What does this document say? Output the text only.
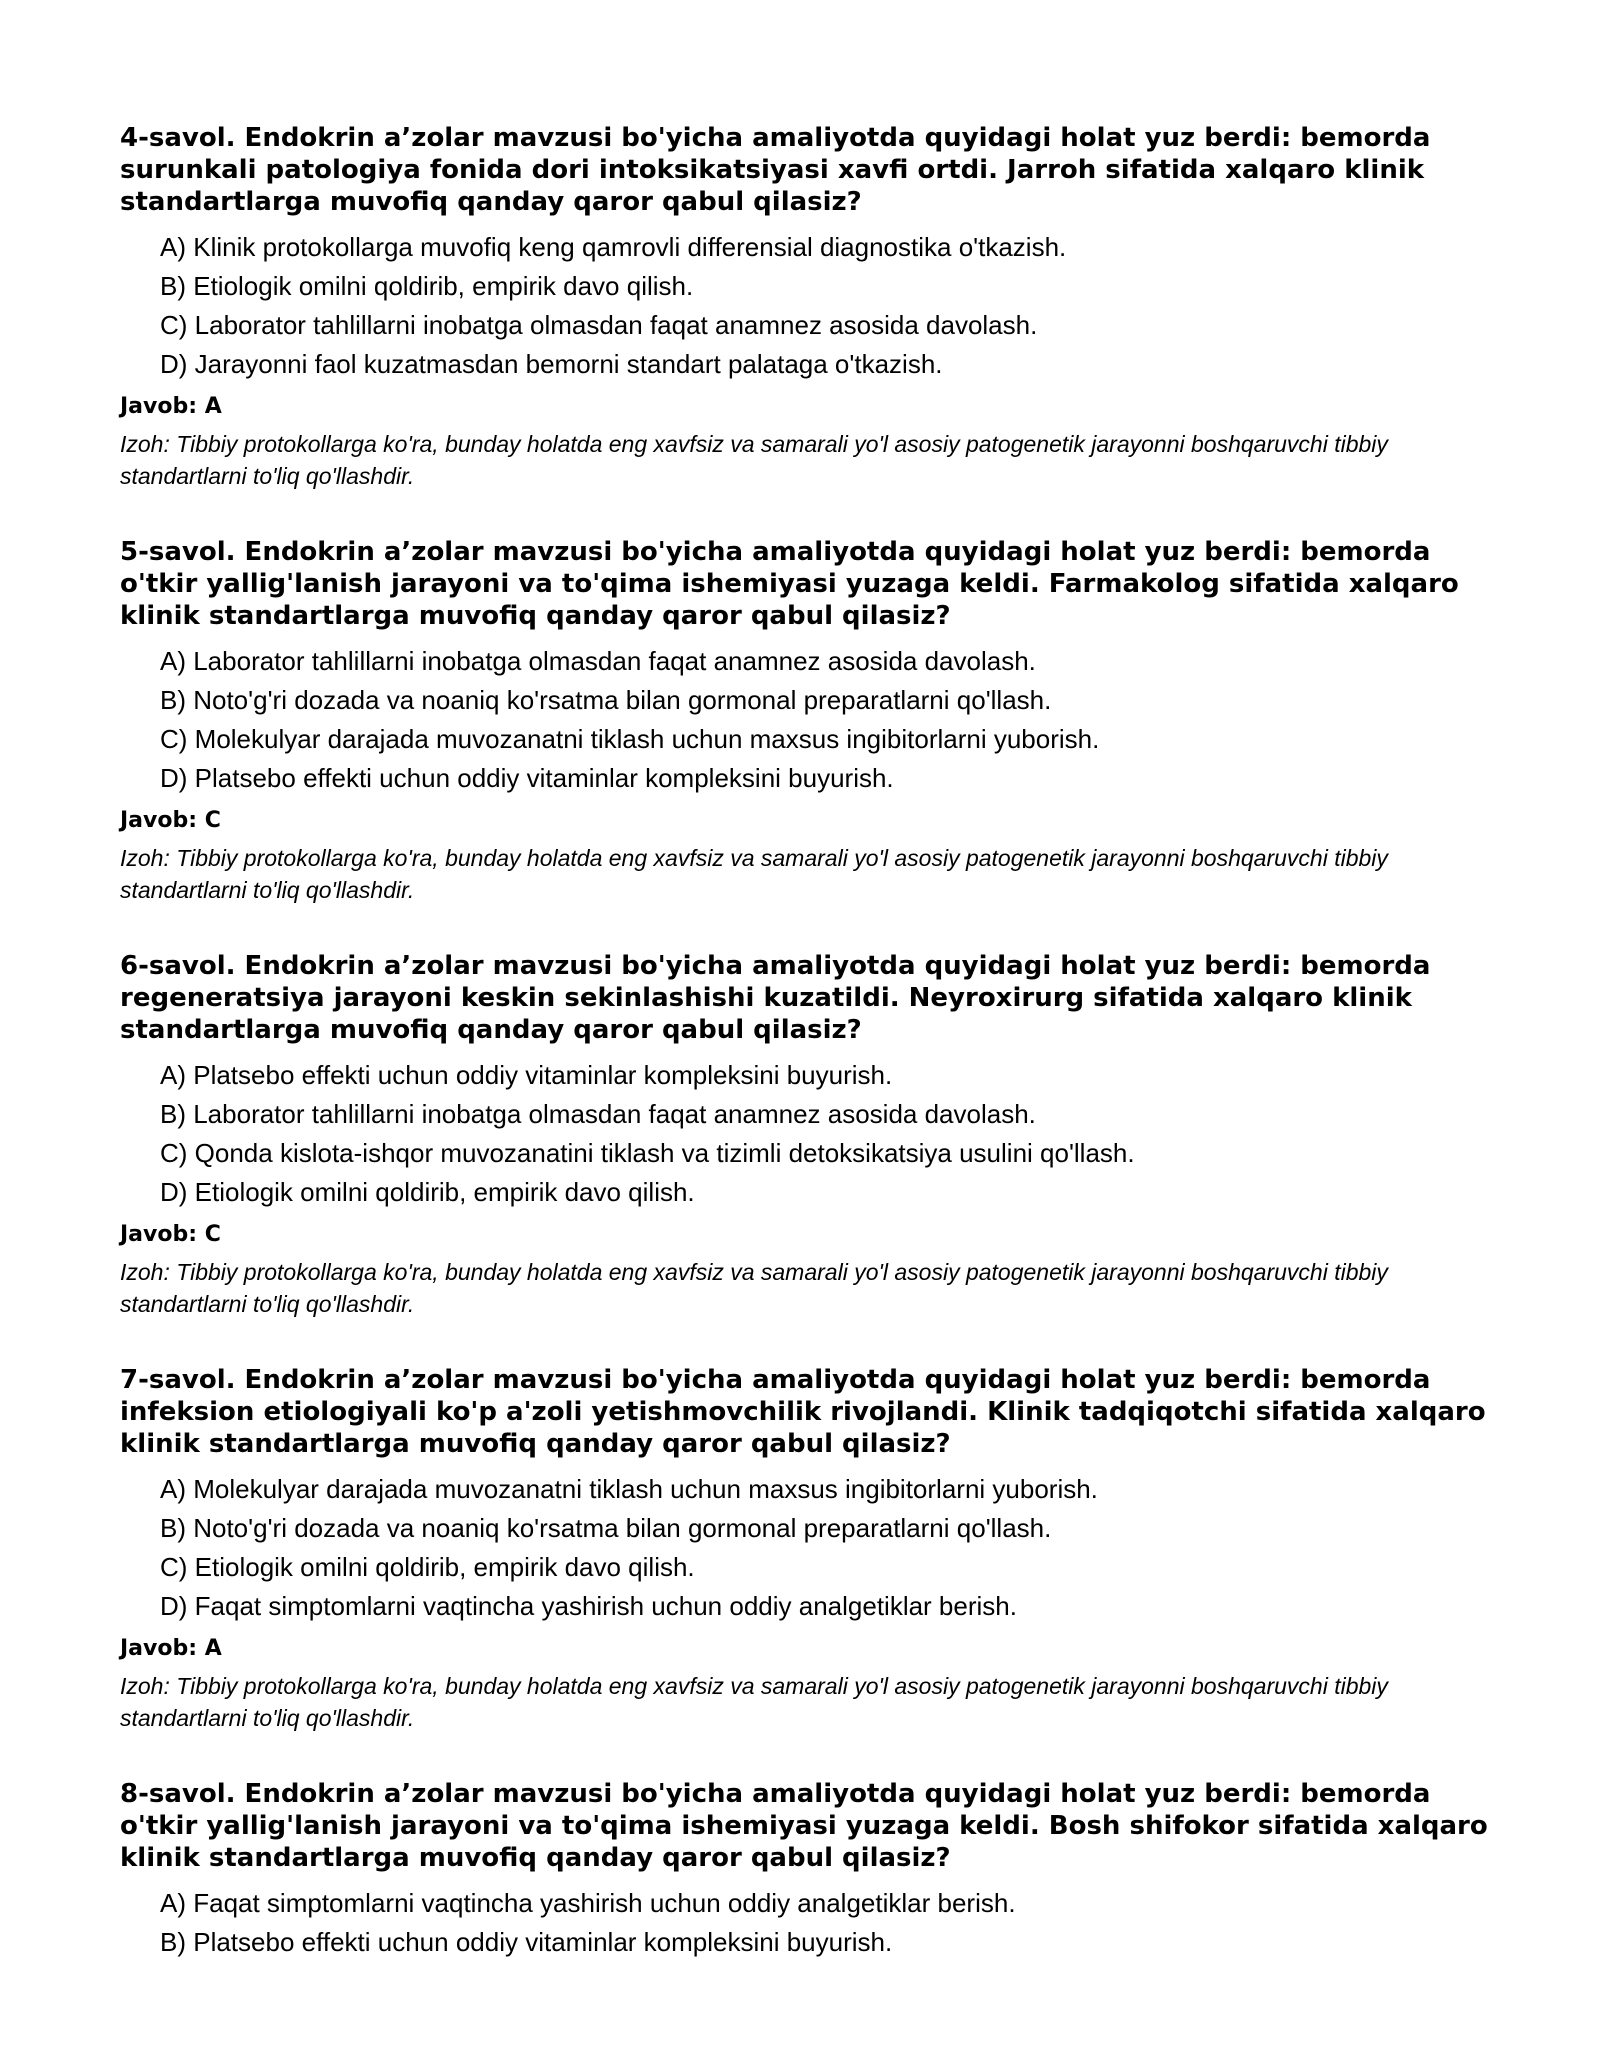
4-savol. Endokrin a’zolar mavzusi bo'yicha amaliyotda quyidagi holat yuz berdi: bemorda surunkali patologiya fonida dori intoksikatsiyasi xavfi ortdi. Jarroh sifatida xalqaro klinik standartlarga muvofiq qanday qaror qabul qilasiz?

A) Klinik protokollarga muvofiq keng qamrovli differensial diagnostika o'tkazish.
B) Etiologik omilni qoldirib, empirik davo qilish.
C) Laborator tahlillarni inobatga olmasdan faqat anamnez asosida davolash.
D) Jarayonni faol kuzatmasdan bemorni standart palataga o'tkazish.

Javob: A

Izoh: Tibbiy protokollarga ko'ra, bunday holatda eng xavfsiz va samarali yo'l asosiy patogenetik jarayonni boshqaruvchi tibbiy standartlarni to'liq qo'llashdir.

5-savol. Endokrin a’zolar mavzusi bo'yicha amaliyotda quyidagi holat yuz berdi: bemorda o'tkir yallig'lanish jarayoni va to'qima ishemiyasi yuzaga keldi. Farmakolog sifatida xalqaro klinik standartlarga muvofiq qanday qaror qabul qilasiz?

A) Laborator tahlillarni inobatga olmasdan faqat anamnez asosida davolash.
B) Noto'g'ri dozada va noaniq ko'rsatma bilan gormonal preparatlarni qo'llash.
C) Molekulyar darajada muvozanatni tiklash uchun maxsus ingibitorlarni yuborish.
D) Platsebo effekti uchun oddiy vitaminlar kompleksini buyurish.

Javob: C

Izoh: Tibbiy protokollarga ko'ra, bunday holatda eng xavfsiz va samarali yo'l asosiy patogenetik jarayonni boshqaruvchi tibbiy standartlarni to'liq qo'llashdir.

6-savol. Endokrin a’zolar mavzusi bo'yicha amaliyotda quyidagi holat yuz berdi: bemorda regeneratsiya jarayoni keskin sekinlashishi kuzatildi. Neyroxirurg sifatida xalqaro klinik standartlarga muvofiq qanday qaror qabul qilasiz?

A) Platsebo effekti uchun oddiy vitaminlar kompleksini buyurish.
B) Laborator tahlillarni inobatga olmasdan faqat anamnez asosida davolash.
C) Qonda kislota-ishqor muvozanatini tiklash va tizimli detoksikatsiya usulini qo'llash.
D) Etiologik omilni qoldirib, empirik davo qilish.

Javob: C

Izoh: Tibbiy protokollarga ko'ra, bunday holatda eng xavfsiz va samarali yo'l asosiy patogenetik jarayonni boshqaruvchi tibbiy standartlarni to'liq qo'llashdir.

7-savol. Endokrin a’zolar mavzusi bo'yicha amaliyotda quyidagi holat yuz berdi: bemorda infeksion etiologiyali ko'p a'zoli yetishmovchilik rivojlandi. Klinik tadqiqotchi sifatida xalqaro klinik standartlarga muvofiq qanday qaror qabul qilasiz?

A) Molekulyar darajada muvozanatni tiklash uchun maxsus ingibitorlarni yuborish.
B) Noto'g'ri dozada va noaniq ko'rsatma bilan gormonal preparatlarni qo'llash.
C) Etiologik omilni qoldirib, empirik davo qilish.
D) Faqat simptomlarni vaqtincha yashirish uchun oddiy analgetiklar berish.

Javob: A

Izoh: Tibbiy protokollarga ko'ra, bunday holatda eng xavfsiz va samarali yo'l asosiy patogenetik jarayonni boshqaruvchi tibbiy standartlarni to'liq qo'llashdir.

8-savol. Endokrin a’zolar mavzusi bo'yicha amaliyotda quyidagi holat yuz berdi: bemorda o'tkir yallig'lanish jarayoni va to'qima ishemiyasi yuzaga keldi. Bosh shifokor sifatida xalqaro klinik standartlarga muvofiq qanday qaror qabul qilasiz?

A) Faqat simptomlarni vaqtincha yashirish uchun oddiy analgetiklar berish.
B) Platsebo effekti uchun oddiy vitaminlar kompleksini buyurish.
